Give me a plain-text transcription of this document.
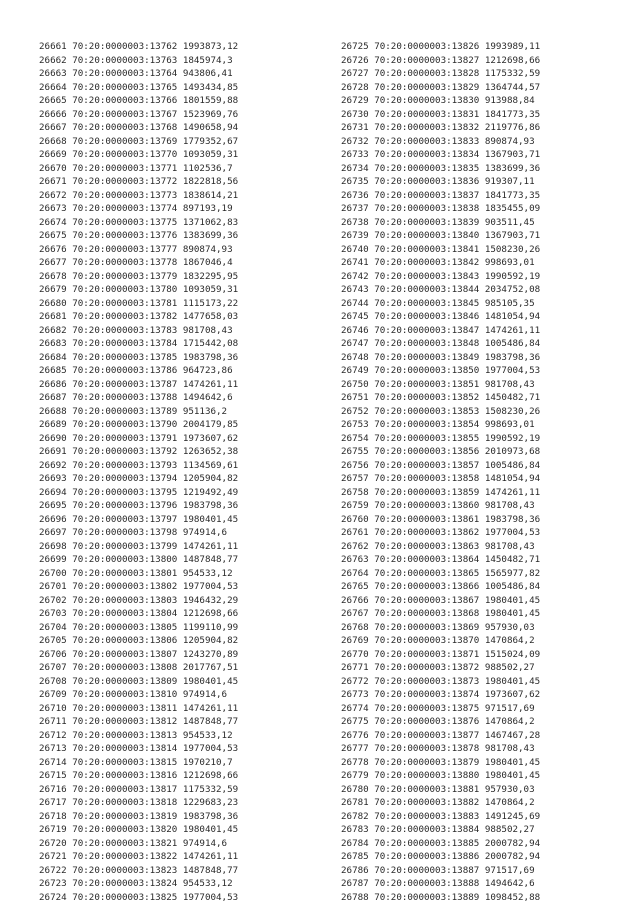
26661 70:20:0000003:13762 1993873,12
26662 70:20:0000003:13763 1845974,3
26663 70:20:0000003:13764 943806,41
26664 70:20:0000003:13765 1493434,85
26665 70:20:0000003:13766 1801559,88
26666 70:20:0000003:13767 1523969,76
26667 70:20:0000003:13768 1490658,94
26668 70:20:0000003:13769 1779352,67
26669 70:20:0000003:13770 1093059,31
26670 70:20:0000003:13771 1102536,7
26671 70:20:0000003:13772 1822818,56
26672 70:20:0000003:13773 1838614,21
26673 70:20:0000003:13774 897193,19
26674 70:20:0000003:13775 1371062,83
26675 70:20:0000003:13776 1383699,36
26676 70:20:0000003:13777 890874,93
26677 70:20:0000003:13778 1867046,4
26678 70:20:0000003:13779 1832295,95
26679 70:20:0000003:13780 1093059,31
26680 70:20:0000003:13781 1115173,22
26681 70:20:0000003:13782 1477658,03
26682 70:20:0000003:13783 981708,43
26683 70:20:0000003:13784 1715442,08
26684 70:20:0000003:13785 1983798,36
26685 70:20:0000003:13786 964723,86
26686 70:20:0000003:13787 1474261,11
26687 70:20:0000003:13788 1494642,6
26688 70:20:0000003:13789 951136,2
26689 70:20:0000003:13790 2004179,85
26690 70:20:0000003:13791 1973607,62
26691 70:20:0000003:13792 1263652,38
26692 70:20:0000003:13793 1134569,61
26693 70:20:0000003:13794 1205904,82
26694 70:20:0000003:13795 1219492,49
26695 70:20:0000003:13796 1983798,36
26696 70:20:0000003:13797 1980401,45
26697 70:20:0000003:13798 974914,6
26698 70:20:0000003:13799 1474261,11
26699 70:20:0000003:13800 1487848,77
26700 70:20:0000003:13801 954533,12
26701 70:20:0000003:13802 1977004,53
26702 70:20:0000003:13803 1946432,29
26703 70:20:0000003:13804 1212698,66
26704 70:20:0000003:13805 1199110,99
26705 70:20:0000003:13806 1205904,82
26706 70:20:0000003:13807 1243270,89
26707 70:20:0000003:13808 2017767,51
26708 70:20:0000003:13809 1980401,45
26709 70:20:0000003:13810 974914,6
26710 70:20:0000003:13811 1474261,11
26711 70:20:0000003:13812 1487848,77
26712 70:20:0000003:13813 954533,12
26713 70:20:0000003:13814 1977004,53
26714 70:20:0000003:13815 1970210,7
26715 70:20:0000003:13816 1212698,66
26716 70:20:0000003:13817 1175332,59
26717 70:20:0000003:13818 1229683,23
26718 70:20:0000003:13819 1983798,36
26719 70:20:0000003:13820 1980401,45
26720 70:20:0000003:13821 974914,6
26721 70:20:0000003:13822 1474261,11
26722 70:20:0000003:13823 1487848,77
26723 70:20:0000003:13824 954533,12
26724 70:20:0000003:13825 1977004,53
26725 70:20:0000003:13826 1993989,11
26726 70:20:0000003:13827 1212698,66
26727 70:20:0000003:13828 1175332,59
26728 70:20:0000003:13829 1364744,57
26729 70:20:0000003:13830 913988,84
26730 70:20:0000003:13831 1841773,35
26731 70:20:0000003:13832 2119776,86
26732 70:20:0000003:13833 890874,93
26733 70:20:0000003:13834 1367903,71
26734 70:20:0000003:13835 1383699,36
26735 70:20:0000003:13836 919307,11
26736 70:20:0000003:13837 1841773,35
26737 70:20:0000003:13838 1835455,09
26738 70:20:0000003:13839 903511,45
26739 70:20:0000003:13840 1367903,71
26740 70:20:0000003:13841 1508230,26
26741 70:20:0000003:13842 998693,01
26742 70:20:0000003:13843 1990592,19
26743 70:20:0000003:13844 2034752,08
26744 70:20:0000003:13845 985105,35
26745 70:20:0000003:13846 1481054,94
26746 70:20:0000003:13847 1474261,11
26747 70:20:0000003:13848 1005486,84
26748 70:20:0000003:13849 1983798,36
26749 70:20:0000003:13850 1977004,53
26750 70:20:0000003:13851 981708,43
26751 70:20:0000003:13852 1450482,71
26752 70:20:0000003:13853 1508230,26
26753 70:20:0000003:13854 998693,01
26754 70:20:0000003:13855 1990592,19
26755 70:20:0000003:13856 2010973,68
26756 70:20:0000003:13857 1005486,84
26757 70:20:0000003:13858 1481054,94
26758 70:20:0000003:13859 1474261,11
26759 70:20:0000003:13860 981708,43
26760 70:20:0000003:13861 1983798,36
26761 70:20:0000003:13862 1977004,53
26762 70:20:0000003:13863 981708,43
26763 70:20:0000003:13864 1450482,71
26764 70:20:0000003:13865 1565977,82
26765 70:20:0000003:13866 1005486,84
26766 70:20:0000003:13867 1980401,45
26767 70:20:0000003:13868 1980401,45
26768 70:20:0000003:13869 957930,03
26769 70:20:0000003:13870 1470864,2
26770 70:20:0000003:13871 1515024,09
26771 70:20:0000003:13872 988502,27
26772 70:20:0000003:13873 1980401,45
26773 70:20:0000003:13874 1973607,62
26774 70:20:0000003:13875 971517,69
26775 70:20:0000003:13876 1470864,2
26776 70:20:0000003:13877 1467467,28
26777 70:20:0000003:13878 981708,43
26778 70:20:0000003:13879 1980401,45
26779 70:20:0000003:13880 1980401,45
26780 70:20:0000003:13881 957930,03
26781 70:20:0000003:13882 1470864,2
26782 70:20:0000003:13883 1491245,69
26783 70:20:0000003:13884 988502,27
26784 70:20:0000003:13885 2000782,94
26785 70:20:0000003:13886 2000782,94
26786 70:20:0000003:13887 971517,69
26787 70:20:0000003:13888 1494642,6
26788 70:20:0000003:13889 1098452,88
